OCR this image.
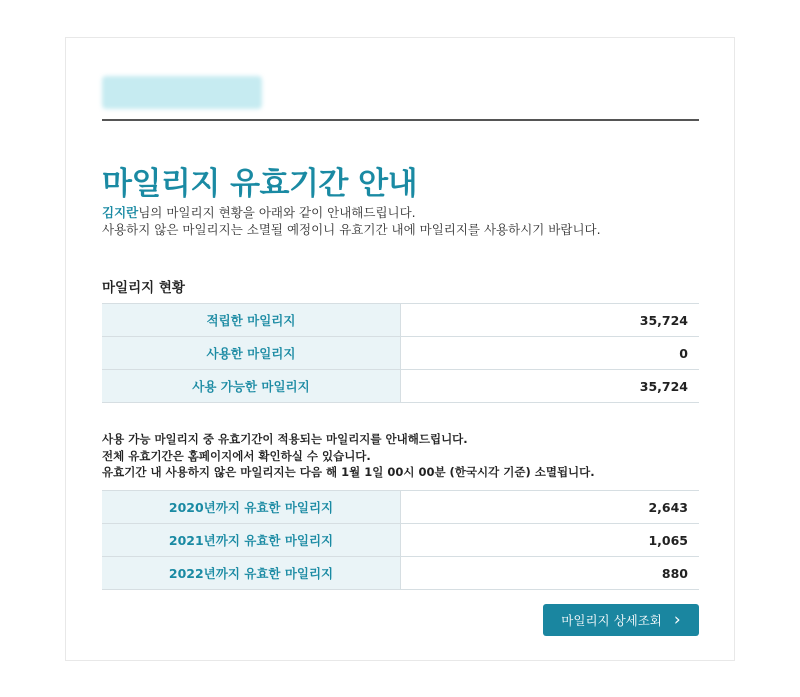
마일리지 유효기간 안내
김지란님의 마일리지 현황을 아래와 같이 안내해드립니다.
사용하지 않은 마일리지는 소멸될 예정이니 유효기간 내에 마일리지를 사용하시기 바랍니다.
마일리지 현황
적립한 마일리지	35,724
사용한 마일리지	0
사용 가능한 마일리지	35,724
사용 가능 마일리지 중 유효기간이 적용되는 마일리지를 안내해드립니다.
전체 유효기간은 홈페이지에서 확인하실 수 있습니다.
유효기간 내 사용하지 않은 마일리지는 다음 해 1월 1일 00시 00분 (한국시각 기준) 소멸됩니다.
2020년까지 유효한 마일리지	2,643
2021년까지 유효한 마일리지	1,065
2022년까지 유효한 마일리지	880
마일리지 상세조회 ›
